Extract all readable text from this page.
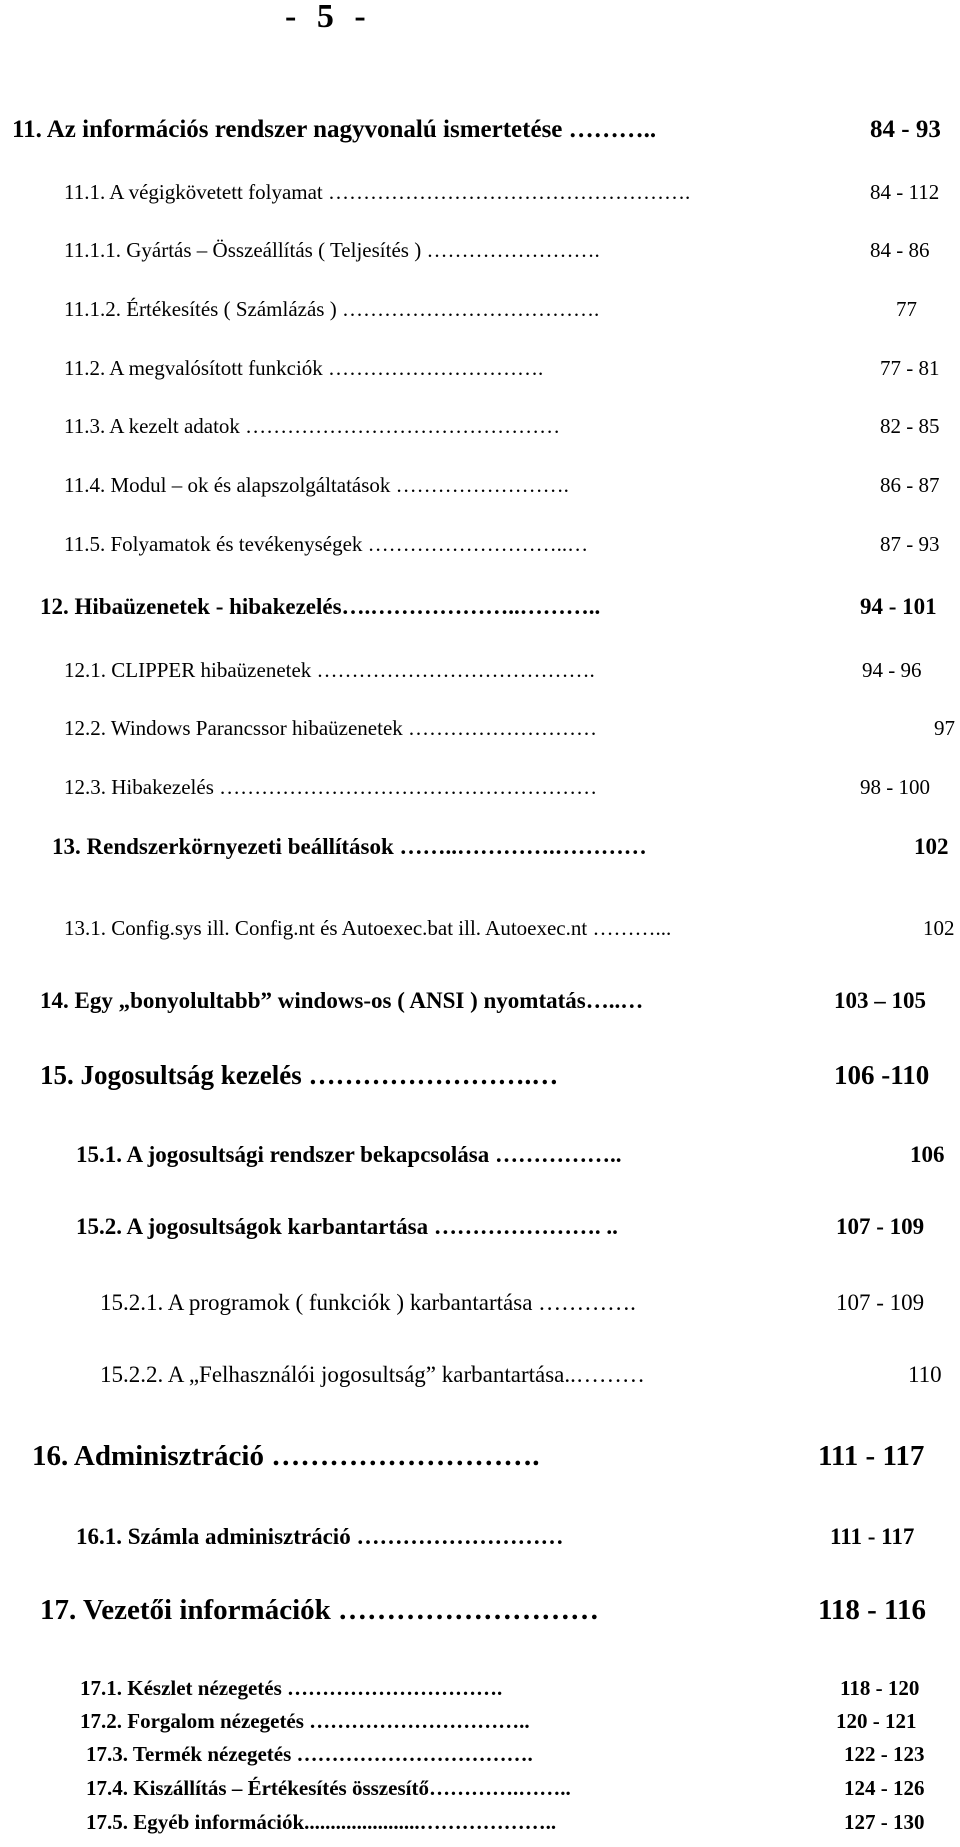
- 5 -
11. Az információs rendszer nagyvonalú ismertetése ………..	84 - 93
11.1. A végigkövetett folyamat …………………………………………….	84 - 112
11.1.1. Gyártás – Összeállítás ( Teljesítés ) …………………….	84 - 86
11.1.2. Értékesítés ( Számlázás ) ……………………………….	77
11.2. A megvalósított funkciók ………………………….	77 - 81
11.3. A kezelt adatok ………………………………………	82 - 85
11.4. Modul – ok és alapszolgáltatások …………………….	86 - 87
11.5. Folyamatok és tevékenységek ………………………..…	87 - 93
12. Hibaüzenetek - hibakezelés….………………..………..	94 - 101
12.1. CLIPPER hibaüzenetek ………………………………….	94 - 96
12.2. Windows Parancssor hibaüzenetek ………………………	97
12.3. Hibakezelés ………………………………………………	98 - 100
13. Rendszerkörnyezeti beállítások ……..………….…………	102
13.1. Config.sys ill. Config.nt és Autoexec.bat ill. Autoexec.nt ………...	102
14. Egy „bonyolultabb” windows-os ( ANSI ) nyomtatás…..…	103 – 105
15. Jogosultság kezelés …………………….…	106 -110
15.1. A jogosultsági rendszer bekapcsolása ……………..	106
15.2. A jogosultságok karbantartása …………………. ..	107 - 109
15.2.1. A programok ( funkciók ) karbantartása ………….	107 - 109
15.2.2. A „Felhasználói jogosultság” karbantartása..………	110
16. Adminisztráció ……………………….	111 - 117
16.1. Számla adminisztráció ………………………	111 - 117
17. Vezetői információk ………………………	118 - 116
17.1. Készlet nézegetés ………………………….	118 - 120
17.2. Forgalom nézegetés …………………………..	120 - 121
17.3. Termék nézegetés …………………………….	122 - 123
17.4. Kiszállítás – Értékesítés összesítő………….……..	124 - 126
17.5. Egyéb információk......................………………..	127 - 130
